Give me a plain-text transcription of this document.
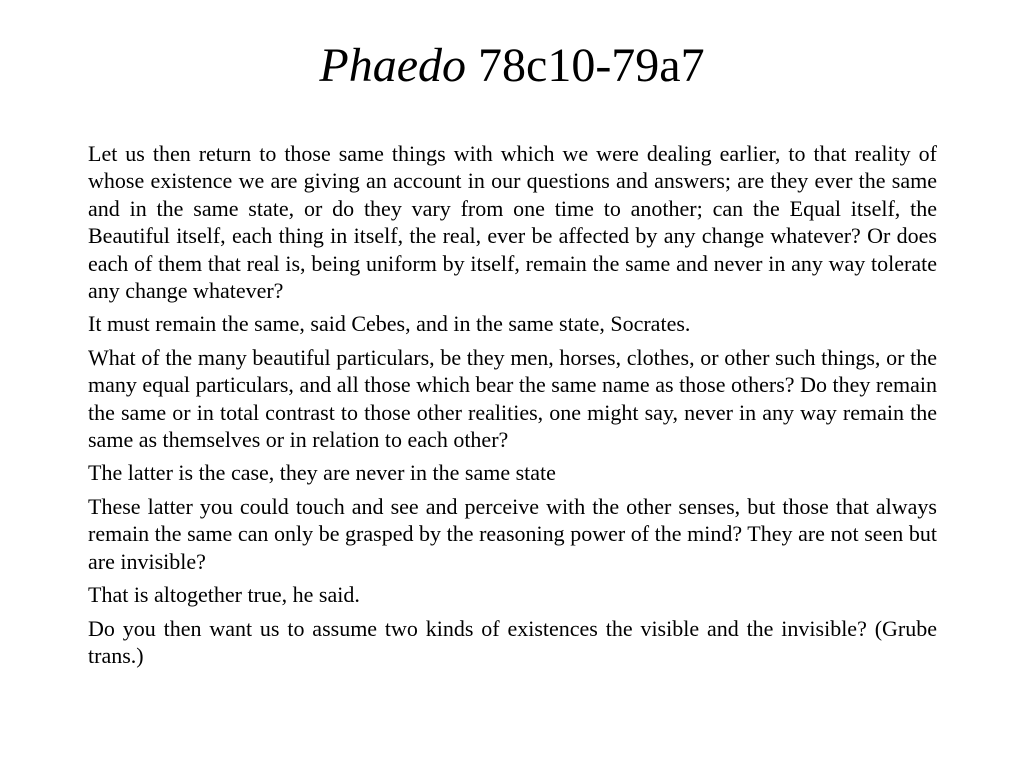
Phaedo 78c10-79a7

Let us then return to those same things with which we were dealing earlier, to that reality of whose existence we are giving an account in our questions and answers; are they ever the same and in the same state, or do they vary from one time to another; can the Equal itself, the Beautiful itself, each thing in itself, the real, ever be affected by any change whatever? Or does each of them that real is, being uniform by itself, remain the same and never in any way tolerate any change whatever?

It must remain the same, said Cebes, and in the same state, Socrates.

What of the many beautiful particulars, be they men, horses, clothes, or other such things, or the many equal particulars, and all those which bear the same name as those others? Do they remain the same or in total contrast to those other realities, one might say, never in any way remain the same as themselves or in relation to each other?

The latter is the case, they are never in the same state

These latter you could touch and see and perceive with the other senses, but those that always remain the same can only be grasped by the reasoning power of the mind? They are not seen but are invisible?

That is altogether true, he said.

Do you then want us to assume two kinds of existences the visible and the invisible? (Grube trans.)
